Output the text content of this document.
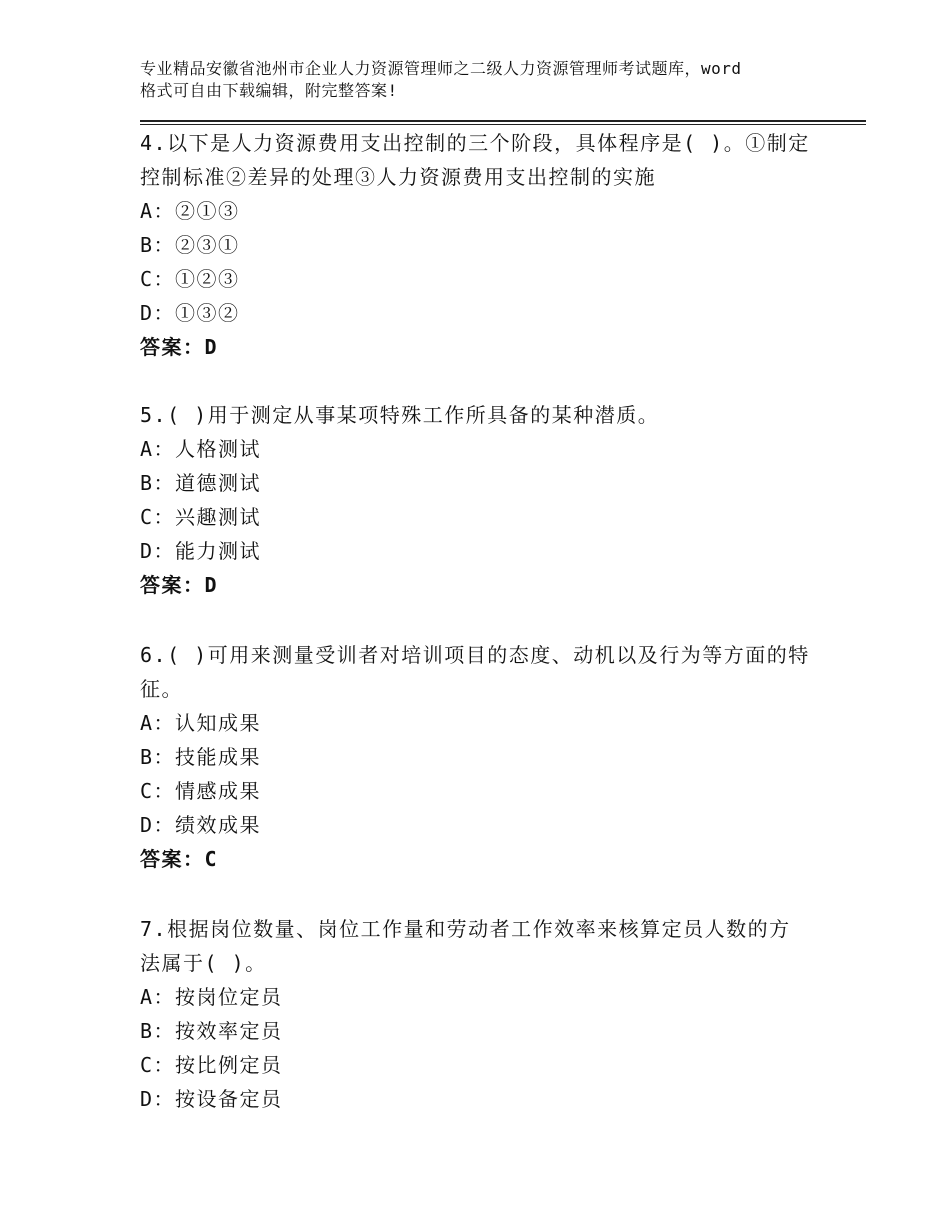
专业精品安徽省池州市企业人力资源管理师之二级人力资源管理师考试题库，word
格式可自由下载编辑，附完整答案!

4.以下是人力资源费用支出控制的三个阶段，具体程序是( )。①制定

控制标准②差异的处理③人力资源费用支出控制的实施

A：②①③

B：②③①

C：①②③

D：①③②

答案：D

5.( )用于测定从事某项特殊工作所具备的某种潜质。

A：人格测试

B：道德测试

C：兴趣测试

D：能力测试

答案：D

6.( )可用来测量受训者对培训项目的态度、动机以及行为等方面的特

征。

A：认知成果

B：技能成果

C：情感成果

D：绩效成果

答案：C

7.根据岗位数量、岗位工作量和劳动者工作效率来核算定员人数的方

法属于( )。

A：按岗位定员

B：按效率定员

C：按比例定员

D：按设备定员
